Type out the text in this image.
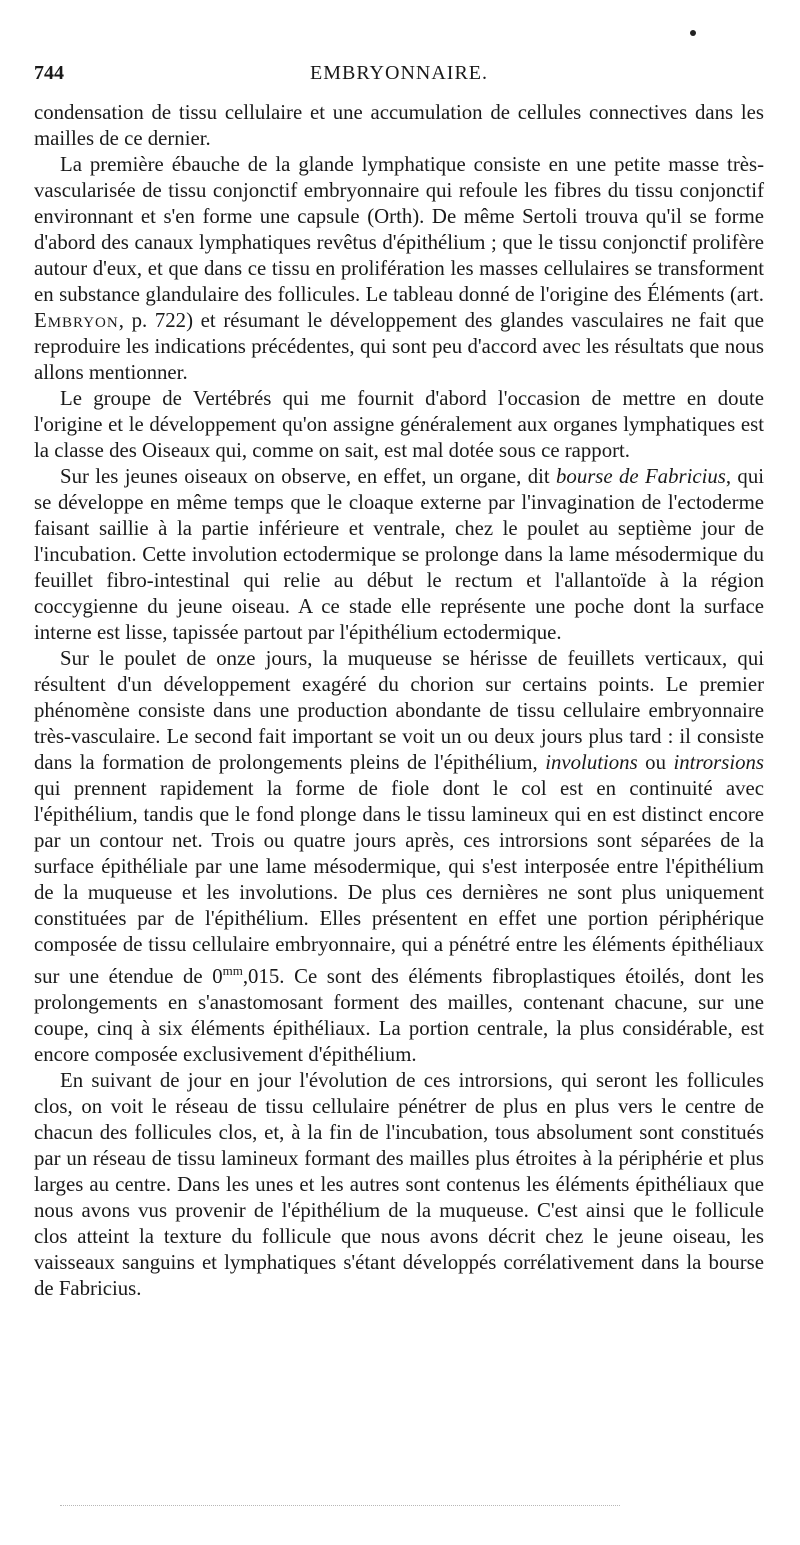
744	EMBRYONNAIRE.

condensation de tissu cellulaire et une accumulation de cellules connectives dans les mailles de ce dernier.

La première ébauche de la glande lymphatique consiste en une petite masse très-vascularisée de tissu conjonctif embryonnaire qui refoule les fibres du tissu conjonctif environnant et s'en forme une capsule (Orth). De même Sertoli trouva qu'il se forme d'abord des canaux lymphatiques revêtus d'épithélium ; que le tissu conjonctif prolifère autour d'eux, et que dans ce tissu en prolifération les masses cellulaires se transforment en substance glandulaire des follicules. Le tableau donné de l'origine des Éléments (art. Embryon, p. 722) et résumant le développement des glandes vasculaires ne fait que reproduire les indications précédentes, qui sont peu d'accord avec les résultats que nous allons mentionner.

Le groupe de Vertébrés qui me fournit d'abord l'occasion de mettre en doute l'origine et le développement qu'on assigne généralement aux organes lymphatiques est la classe des Oiseaux qui, comme on sait, est mal dotée sous ce rapport.

Sur les jeunes oiseaux on observe, en effet, un organe, dit bourse de Fabricius, qui se développe en même temps que le cloaque externe par l'invagination de l'ectoderme faisant saillie à la partie inférieure et ventrale, chez le poulet au septième jour de l'incubation. Cette involution ectodermique se prolonge dans la lame mésodermique du feuillet fibro-intestinal qui relie au début le rectum et l'allantoïde à la région coccygienne du jeune oiseau. A ce stade elle représente une poche dont la surface interne est lisse, tapissée partout par l'épithélium ectodermique.

Sur le poulet de onze jours, la muqueuse se hérisse de feuillets verticaux, qui résultent d'un développement exagéré du chorion sur certains points. Le premier phénomène consiste dans une production abondante de tissu cellulaire embryonnaire très-vasculaire. Le second fait important se voit un ou deux jours plus tard : il consiste dans la formation de prolongements pleins de l'épithélium, involutions ou introrsions qui prennent rapidement la forme de fiole dont le col est en continuité avec l'épithélium, tandis que le fond plonge dans le tissu lamineux qui en est distinct encore par un contour net. Trois ou quatre jours après, ces introrsions sont séparées de la surface épithéliale par une lame mésodermique, qui s'est interposée entre l'épithélium de la muqueuse et les involutions. De plus ces dernières ne sont plus uniquement constituées par de l'épithélium. Elles présentent en effet une portion périphérique composée de tissu cellulaire embryonnaire, qui a pénétré entre les éléments épithéliaux sur une étendue de $0^{mm},015$. Ce sont des éléments fibroplastiques étoilés, dont les prolongements en s'anastomosant forment des mailles, contenant chacune, sur une coupe, cinq à six éléments épithéliaux. La portion centrale, la plus considérable, est encore composée exclusivement d'épithélium.

En suivant de jour en jour l'évolution de ces introrsions, qui seront les follicules clos, on voit le réseau de tissu cellulaire pénétrer de plus en plus vers le centre de chacun des follicules clos, et, à la fin de l'incubation, tous absolument sont constitués par un réseau de tissu lamineux formant des mailles plus étroites à la périphérie et plus larges au centre. Dans les unes et les autres sont contenus les éléments épithéliaux que nous avons vus provenir de l'épithélium de la muqueuse. C'est ainsi que le follicule clos atteint la texture du follicule que nous avons décrit chez le jeune oiseau, les vaisseaux sanguins et lymphatiques s'étant développés corrélativement dans la bourse de Fabricius.
